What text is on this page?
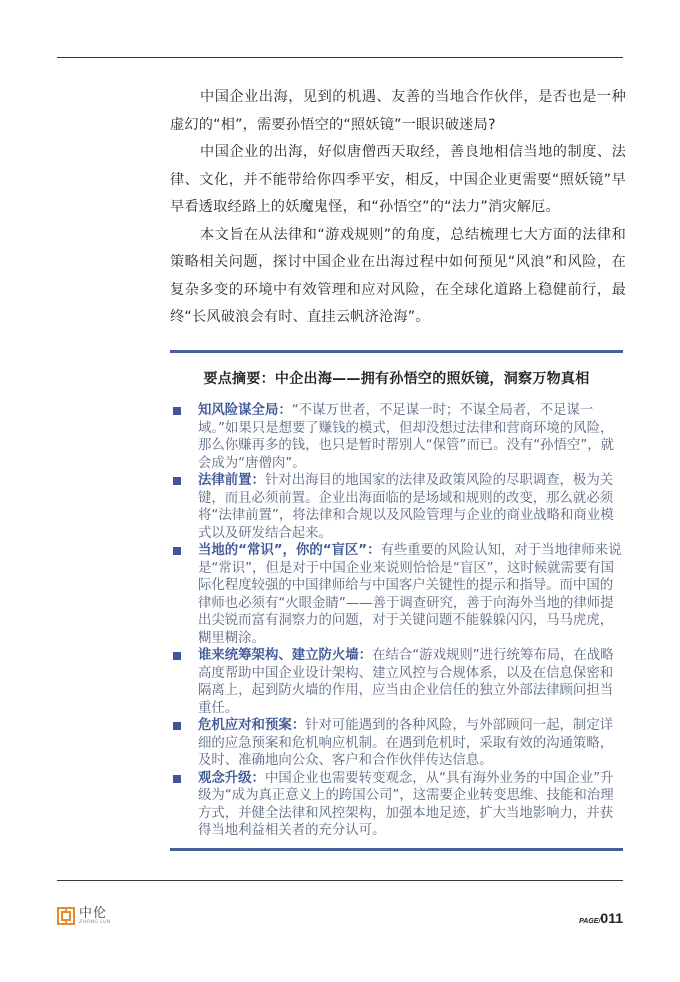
中国企业出海，见到的机遇、友善的当地合作伙伴，是否也是一种虚幻的“相”，需要孙悟空的“照妖镜”一眼识破迷局?

中国企业的出海，好似唐僧西天取经，善良地相信当地的制度、法律、文化，并不能带给你四季平安，相反，中国企业更需要“照妖镜”早早看透取经路上的妖魔鬼怪，和“孙悟空”的“法力”消灾解厄。

本文旨在从法律和“游戏规则”的角度，总结梳理七大方面的法律和策略相关问题，探讨中国企业在出海过程中如何预见“风浪”和风险，在复杂多变的环境中有效管理和应对风险，在全球化道路上稳健前行，最终“长风破浪会有时、直挂云帆济沧海”。

要点摘要：中企出海——拥有孙悟空的照妖镜，洞察万物真相
知风险谋全局：“不谋万世者，不足谋一时；不谋全局者，不足谋一域。”如果只是想要了赚钱的模式，但却没想过法律和营商环境的风险，那么你赚再多的钱，也只是暂时帮别人“保管”而已。没有“孙悟空”，就会成为“唐僧肉”。
法律前置：针对出海目的地国家的法律及政策风险的尽职调查，极为关键，而且必须前置。企业出海面临的是场域和规则的改变，那么就必须将“法律前置”，将法律和合规以及风险管理与企业的商业战略和商业模式以及研发结合起来。
当地的“常识”，你的“盲区”：有些重要的风险认知，对于当地律师来说是“常识”，但是对于中国企业来说则恰恰是“盲区”，这时候就需要有国际化程度较强的中国律师给与中国客户关键性的提示和指导。而中国的律师也必须有“火眼金睛”——善于调查研究，善于向海外当地的律师提出尖锐而富有洞察力的问题，对于关键问题不能躲躲闪闪，马马虎虎，糊里糊涂。
谁来统筹架构、建立防火墙：在结合“游戏规则”进行统筹布局，在战略高度帮助中国企业设计架构、建立风控与合规体系，以及在信息保密和隔离上，起到防火墙的作用，应当由企业信任的独立外部法律顾问担当重任。
危机应对和预案：针对可能遇到的各种风险，与外部顾问一起，制定详细的应急预案和危机响应机制。在遇到危机时，采取有效的沟通策略，及时、准确地向公众、客户和合作伙伴传达信息。
观念升级：中国企业也需要转变观念，从“具有海外业务的中国企业”升级为“成为真正意义上的跨国公司”，这需要企业转变思维、技能和治理方式，并健全法律和风控架构，加强本地足迹，扩大当地影响力，并获得当地利益相关者的充分认可。
中伦
ZHONG LUN	PAGE/011
